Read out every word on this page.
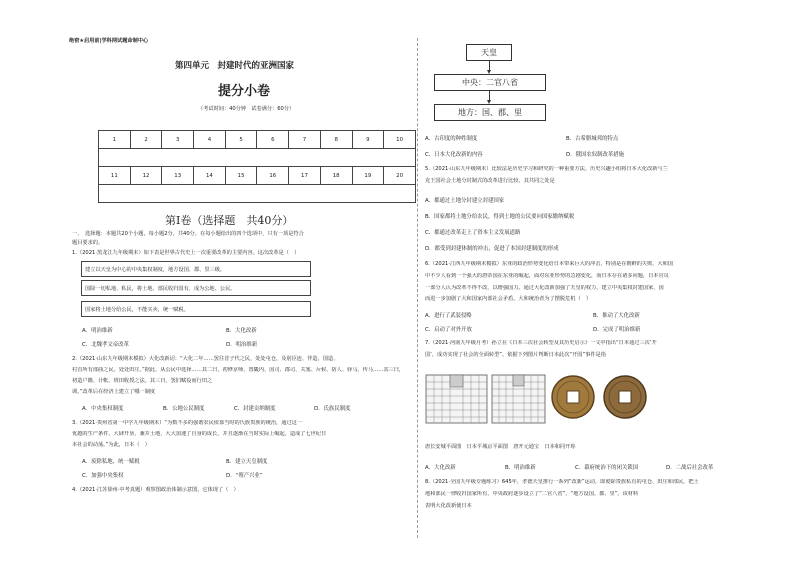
绝密★启用前|学科网试题命制中心
第四单元　封建时代的亚洲国家
提分小卷
（考试时间：40分钟　试卷满分：60分）
1	2	3	4	5	6	7	8	9	10

11	12	13	14	15	16	17	18	19	20

第Ⅰ卷（选择题　共40分）
一、　选择题：本题共20个小题，每小题2分，共40分。在每小题给出的四个选项中，只有一项是符合
题目要求的。
1.（2021·黑龙江九年级期末）如下表是世界古代史上一次重要改革的主要内容。这次改革是（　）
建立以天皇为中心的中央集权制度，地方设国、郡、里三级。
国除一切私地、私民，将土地、部民收归国有，成为公地、公民。
国家将土地分给公民，不能买卖，统一赋税。
A．明治维新	B．大化改新
C．北魏孝文帝改革	D．明治维新
2.（2021·山东九年级期末模拟）大化改新诏：“大化二年……罢往昔子代之民，处处屯仓，及别臣连、伴造、国造、
村首所有部曲之民，处处田庄。”据此，从公民中选择……其二曰，初修京师，置畿内、国司、郡司、关塞、斥候、防人、驿马、传马……其三曰，
初造户籍、计帐、班田收授之法。其三曰，罢旧赋役而行田之
调。”改革后在经济上建立了哪一制度
A．中央集权制度	B．公地公民制度	C．封建贡纳制度	D．氏族民制度
3.（2021·贵州省第一中学九年级期末）“为数不多的强谐农民依靠当时的氏族贵族的统治，通过这一
优越的生产条件，大肆开垦、兼并土地，大大加速了自身的成长，并且逐渐在当时实际上崛起，造成了七世纪日
本社会的动荡。”为此，日本（　）
A．废除私地、统一赋税	B．建立天皇制度
C．加强中央集权	D．“殖产兴业”
4.（2021·江苏徐州·中考真题）观察图政治体制示意图，它体现了（　）
天皇
中央：二官八省
地方：国、郡、里
A．古印度的种姓制度	B．古希腊城邦的特点
C．日本大化改新的内容	D．俄国农奴制改革措施
5.（2021·山东九年级期末）比较法是历史学习和研究的一种重要方法。历史兴趣小组将日本大化改新与兰
克王国社会土地分封制式的改革进行比较，其共同之处是
A．都通过土地分封建立封建国家
B．国家都将土地分给农民，得到土地的公民要向国家缴纳赋税
C．都通过改革走上了资本主义发展道路
D．都受到封建体制的冲击，促进了本国封建制度的形成
6.（2021·江西九年级期末模拟）东亚的政治形势变化给日本带来巨大的冲击，特别是在朝鲜的失败，大和国
中不少人看到一个强大的唐帝国在东亚的崛起，面对东亚形势的急剧变化，而日本存在诸多问题，日本官员
一部分人认为改革不得不改，以增强国力。通过大化改新加强了天皇的权力，建立中央集权封建国家，国
而进一步加剧了大和国家内部社会矛盾。大和统治者为了摆脱危机（　）
A．进行了武装侵略	B．推动了大化改新
C．启动了对外开放	D．完成了明治维新
7.（2021·河南九年级月考）孙立在《日本三次社会转型及其历史启示》一文中指出“日本通过三次‘开
国’，成功实现了社会的全面转型”。依据下列图片判断日本此次“开国”事件是指
唐长安城平面图　日本平城京平面图　唐开元通宝　日本和同开珎
A．大化改新	B．明治维新	C．幕府统治下的闭关锁国	D．二战后社会改革
8.（2021·全国九年级专题练习）645年，孝德天皇推行一系列“改新”运动，即废除贵族私有的屯仓、田庄和部民，把土
地和部民一律收归国家所有，中央政府逐步设立了“二官八省”，“地方设国、郡、里”，该材料
表明大化改新使日本
